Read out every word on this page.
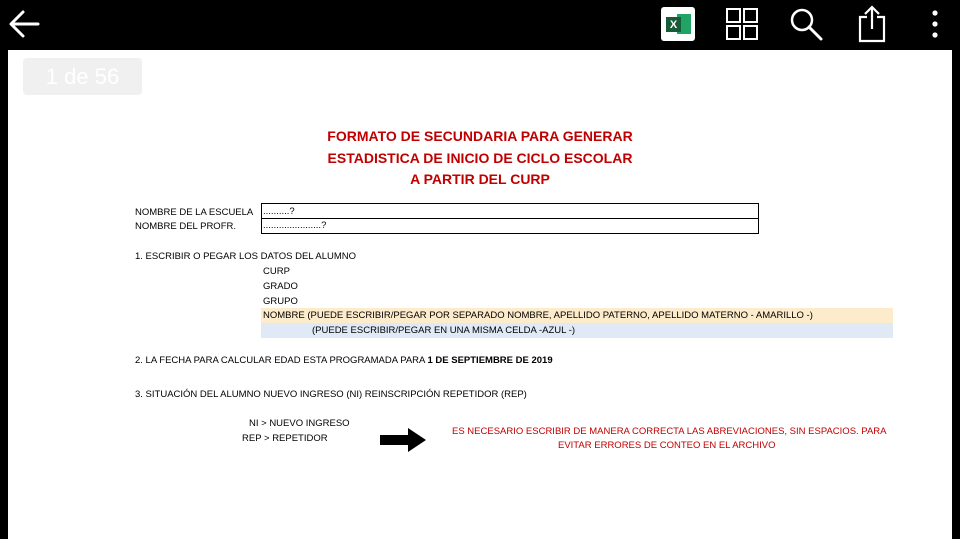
X
1 de 56
FORMATO DE SECUNDARIA PARA GENERAR
ESTADISTICA DE INICIO DE CICLO ESCOLAR
A PARTIR DEL CURP
NOMBRE DE LA ESCUELA
NOMBRE DEL PROFR.
..........?
......................?
1. ESCRIBIR O PEGAR LOS DATOS DEL ALUMNO
CURP
GRADO
GRUPO
NOMBRE (PUEDE ESCRIBIR/PEGAR POR SEPARADO NOMBRE, APELLIDO PATERNO, APELLIDO MATERNO - AMARILLO -)
(PUEDE ESCRIBIR/PEGAR EN UNA MISMA CELDA -AZUL -)
2. LA FECHA PARA CALCULAR EDAD ESTA PROGRAMADA PARA 1 DE SEPTIEMBRE DE 2019
3. SITUACIÓN DEL ALUMNO NUEVO INGRESO (NI) REINSCRIPCIÓN REPETIDOR (REP)
NI > NUEVO INGRESO
REP > REPETIDOR
ES NECESARIO ESCRIBIR DE MANERA CORRECTA LAS ABREVIACIONES, SIN ESPACIOS. PARA
EVITAR ERRORES DE CONTEO EN EL ARCHIVO
